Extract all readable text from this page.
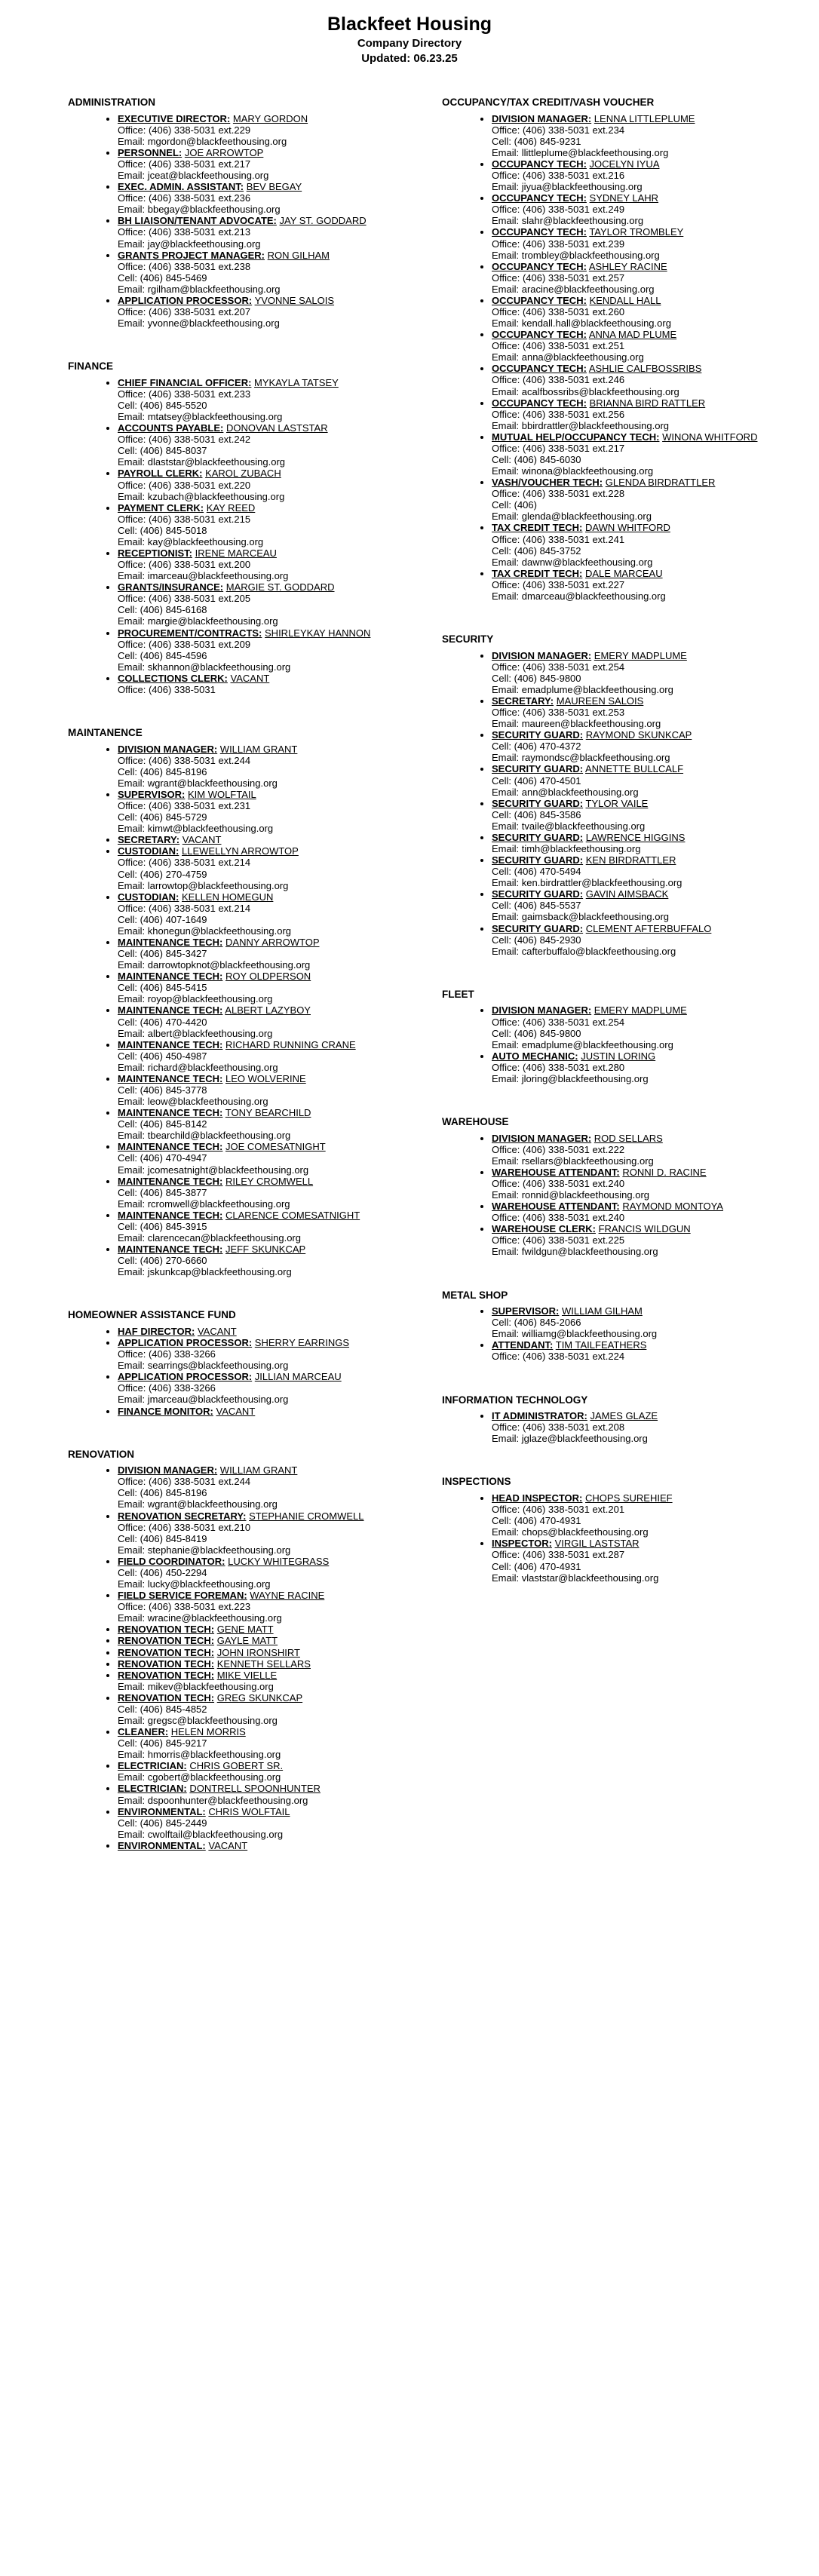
Blackfeet Housing
Company Directory
Updated: 06.23.25
ADMINISTRATION
• EXECUTIVE DIRECTOR: MARY GORDON
Office: (406) 338-5031 ext.229
Email: mgordon@blackfeethousing.org
• PERSONNEL: JOE ARROWTOP
Office: (406) 338-5031 ext.217
Email: jceat@blackfeethousing.org
• EXEC. ADMIN. ASSISTANT: BEV BEGAY
Office: (406) 338-5031 ext.236
Email: bbegay@blackfeethousing.org
• BH LIAISON/TENANT ADVOCATE: JAY ST. GODDARD
Office: (406) 338-5031 ext.213
Email: jay@blackfeethousing.org
• GRANTS PROJECT MANAGER: RON GILHAM
Office: (406) 338-5031 ext.238
Cell: (406) 845-5469
Email: rgilham@blackfeethousing.org
• APPLICATION PROCESSOR: YVONNE SALOIS
Office: (406) 338-5031 ext.207
Email: yvonne@blackfeethousing.org
FINANCE
• CHIEF FINANCIAL OFFICER: MYKAYLA TATSEY
Office: (406) 338-5031 ext.233
Cell: (406) 845-5520
Email: mtatsey@blackfeethousing.org
• ACCOUNTS PAYABLE: DONOVAN LASTSTAR
Office: (406) 338-5031 ext.242
Cell: (406) 845-8037
Email: dlaststar@blackfeethousing.org
• PAYROLL CLERK: KAROL ZUBACH
Office: (406) 338-5031 ext.220
Email: kzubach@blackfeethousing.org
• PAYMENT CLERK: KAY REED
Office: (406) 338-5031 ext.215
Cell: (406) 845-5018
Email: kay@blackfeethousing.org
• RECEPTIONIST: IRENE MARCEAU
Office: (406) 338-5031 ext.200
Email: imarceau@blackfeethousing.org
• GRANTS/INSURANCE: MARGIE ST. GODDARD
Office: (406) 338-5031 ext.205
Cell: (406) 845-6168
Email: margie@blackfeethousing.org
• PROCUREMENT/CONTRACTS: SHIRLEYKAY HANNON
Office: (406) 338-5031 ext.209
Cell: (406) 845-4596
Email: skhannon@blackfeethousing.org
• COLLECTIONS CLERK: VACANT
Office: (406) 338-5031
MAINTANENCE
• DIVISION MANAGER: WILLIAM GRANT
Office: (406) 338-5031 ext.244
Cell: (406) 845-8196
Email: wgrant@blackfeethousing.org
• SUPERVISOR: KIM WOLFTAIL
Office: (406) 338-5031 ext.231
Cell: (406) 845-5729
Email: kimwt@blackfeethousing.org
• SECRETARY: VACANT
• CUSTODIAN: LLEWELLYN ARROWTOP
Office: (406) 338-5031 ext.214
Cell: (406) 270-4759
Email: larrowtop@blackfeethousing.org
• CUSTODIAN: KELLEN HOMEGUN
Office: (406) 338-5031 ext.214
Cell: (406) 407-1649
Email: khonegun@blackfeethousing.org
• MAINTENANCE TECH: DANNY ARROWTOP
Cell: (406) 845-3427
Email: darrowtopknot@blackfeethousing.org
• MAINTENANCE TECH: ROY OLDPERSON
Cell: (406) 845-5415
Email: royop@blackfeethousing.org
• MAINTENANCE TECH: ALBERT LAZYBOY
Cell: (406) 470-4420
Email: albert@blackfeethousing.org
• MAINTENANCE TECH: RICHARD RUNNING CRANE
Cell: (406) 450-4987
Email: richard@blackfeethousing.org
• MAINTENANCE TECH: LEO WOLVERINE
Cell: (406) 845-3778
Email: leow@blackfeethousing.org
• MAINTENANCE TECH: TONY BEARCHILD
Cell: (406) 845-8142
Email: tbearchild@blackfeethousing.org
• MAINTENANCE TECH: JOE COMESATNIGHT
Cell: (406) 470-4947
Email: jcomesatnight@blackfeethousing.org
• MAINTENANCE TECH: RILEY CROMWELL
Cell: (406) 845-3877
Email: rcromwell@blackfeethousing.org
• MAINTENANCE TECH: CLARENCE COMESATNIGHT
Cell: (406) 845-3915
Email: clarencecan@blackfeethousing.org
• MAINTENANCE TECH: JEFF SKUNKCAP
Cell: (406) 270-6660
Email: jskunkcap@blackfeethousing.org
HOMEOWNER ASSISTANCE FUND
• HAF DIRECTOR: VACANT
• APPLICATION PROCESSOR: SHERRY EARRINGS
Office: (406) 338-3266
Email: searrings@blackfeethousing.org
• APPLICATION PROCESSOR: JILLIAN MARCEAU
Office: (406) 338-3266
Email: jmarceau@blackfeethousing.org
• FINANCE MONITOR: VACANT
RENOVATION
• DIVISION MANAGER: WILLIAM GRANT
Office: (406) 338-5031 ext.244
Cell: (406) 845-8196
Email: wgrant@blackfeethousing.org
• RENOVATION SECRETARY: STEPHANIE CROMWELL
Office: (406) 338-5031 ext.210
Cell: (406) 845-8419
Email: stephanie@blackfeethousing.org
• FIELD COORDINATOR: LUCKY WHITEGRASS
Cell: (406) 450-2294
Email: lucky@blackfeethousing.org
• FIELD SERVICE FOREMAN: WAYNE RACINE
Office: (406) 338-5031 ext.223
Email: wracine@blackfeethousing.org
• RENOVATION TECH: GENE MATT
• RENOVATION TECH: GAYLE MATT
• RENOVATION TECH: JOHN IRONSHIRT
• RENOVATION TECH: KENNETH SELLARS
• RENOVATION TECH: MIKE VIELLE
Email: mikev@blackfeethousing.org
• RENOVATION TECH: GREG SKUNKCAP
Cell: (406) 845-4852
Email: gregsc@blackfeethousing.org
• CLEANER: HELEN MORRIS
Cell: (406) 845-9217
Email: hmorris@blackfeethousing.org
• ELECTRICIAN: CHRIS GOBERT SR.
Email: cgobert@blackfeethousing.org
• ELECTRICIAN: DONTRELL SPOONHUNTER
Email: dspoonhunter@blackfeethousing.org
• ENVIRONMENTAL: CHRIS WOLFTAIL
Cell: (406) 845-2449
Email: cwolftail@blackfeethousing.org
• ENVIRONMENTAL: VACANT
OCCUPANCY/TAX CREDIT/VASH VOUCHER
• DIVISION MANAGER: LENNA LITTLEPLUME
Office: (406) 338-5031 ext.234
Cell: (406) 845-9231
Email: llittleplume@blackfeethousing.org
• OCCUPANCY TECH: JOCELYN IYUA
Office: (406) 338-5031 ext.216
Email: jiyua@blackfeethousing.org
• OCCUPANCY TECH: SYDNEY LAHR
Office: (406) 338-5031 ext.249
Email: slahr@blackfeethousing.org
• OCCUPANCY TECH: TAYLOR TROMBLEY
Office: (406) 338-5031 ext.239
Email: trombley@blackfeethousing.org
• OCCUPANCY TECH: ASHLEY RACINE
Office: (406) 338-5031 ext.257
Email: aracine@blackfeethousing.org
• OCCUPANCY TECH: KENDALL HALL
Office: (406) 338-5031 ext.260
Email: kendall.hall@blackfeethousing.org
• OCCUPANCY TECH: ANNA MAD PLUME
Office: (406) 338-5031 ext.251
Email: anna@blackfeethousing.org
• OCCUPANCY TECH: ASHLIE CALFBOSSRIBS
Office: (406) 338-5031 ext.246
Email: acalfbossribs@blackfeethousing.org
• OCCUPANCY TECH: BRIANNA BIRD RATTLER
Office: (406) 338-5031 ext.256
Email: bbirdrattler@blackfeethousing.org
• MUTUAL HELP/OCCUPANCY TECH: WINONA WHITFORD
Office: (406) 338-5031 ext.217
Cell: (406) 845-6030
Email: winona@blackfeethousing.org
• VASH/VOUCHER TECH: GLENDA BIRDRATTLER
Office: (406) 338-5031 ext.228
Cell: (406)
Email: glenda@blackfeethousing.org
• TAX CREDIT TECH: DAWN WHITFORD
Office: (406) 338-5031 ext.241
Cell: (406) 845-3752
Email: dawnw@blackfeethousing.org
• TAX CREDIT TECH: DALE MARCEAU
Office: (406) 338-5031 ext.227
Email: dmarceau@blackfeethousing.org
SECURITY
• DIVISION MANAGER: EMERY MADPLUME
Office: (406) 338-5031 ext.254
Cell: (406) 845-9800
Email: emadplume@blackfeethousing.org
• SECRETARY: MAUREEN SALOIS
Office: (406) 338-5031 ext.253
Email: maureen@blackfeethousing.org
• SECURITY GUARD: RAYMOND SKUNKCAP
Cell: (406) 470-4372
Email: raymondsc@blackfeethousing.org
• SECURITY GUARD: ANNETTE BULLCALF
Cell: (406) 470-4501
Email: ann@blackfeethousing.org
• SECURITY GUARD: TYLOR VAILE
Cell: (406) 845-3586
Email: tvaile@blackfeethousing.org
• SECURITY GUARD: LAWRENCE HIGGINS
Email: timh@blackfeethousing.org
• SECURITY GUARD: KEN BIRDRATTLER
Cell: (406) 470-5494
Email: ken.birdrattler@blackfeethousing.org
• SECURITY GUARD: GAVIN AIMSBACK
Cell: (406) 845-5537
Email: gaimsback@blackfeethousing.org
• SECURITY GUARD: CLEMENT AFTERBUFFALO
Cell: (406) 845-2930
Email: cafterbuffalo@blackfeethousing.org
FLEET
• DIVISION MANAGER: EMERY MADPLUME
Office: (406) 338-5031 ext.254
Cell: (406) 845-9800
Email: emadplume@blackfeethousing.org
• AUTO MECHANIC: JUSTIN LORING
Office: (406) 338-5031 ext.280
Email: jloring@blackfeethousing.org
WAREHOUSE
• DIVISION MANAGER: ROD SELLARS
Office: (406) 338-5031 ext.222
Email: rsellars@blackfeethousing.org
• WAREHOUSE ATTENDANT: RONNI D. RACINE
Office: (406) 338-5031 ext.240
Email: ronnid@blackfeethousing.org
• WAREHOUSE ATTENDANT: RAYMOND MONTOYA
Office: (406) 338-5031 ext.240
• WAREHOUSE CLERK: FRANCIS WILDGUN
Office: (406) 338-5031 ext.225
Email: fwildgun@blackfeethousing.org
METAL SHOP
• SUPERVISOR: WILLIAM GILHAM
Cell: (406) 845-2066
Email: williamg@blackfeethousing.org
• ATTENDANT: TIM TAILFEATHERS
Office: (406) 338-5031 ext.224
INFORMATION TECHNOLOGY
• IT ADMINISTRATOR: JAMES GLAZE
Office: (406) 338-5031 ext.208
Email: jglaze@blackfeethousing.org
INSPECTIONS
• HEAD INSPECTOR: CHOPS SUREHIEF
Office: (406) 338-5031 ext.201
Cell: (406) 470-4931
Email: chops@blackfeethousing.org
• INSPECTOR: VIRGIL LASTSTAR
Office: (406) 338-5031 ext.287
Cell: (406) 470-4931
Email: vlaststar@blackfeethousing.org
